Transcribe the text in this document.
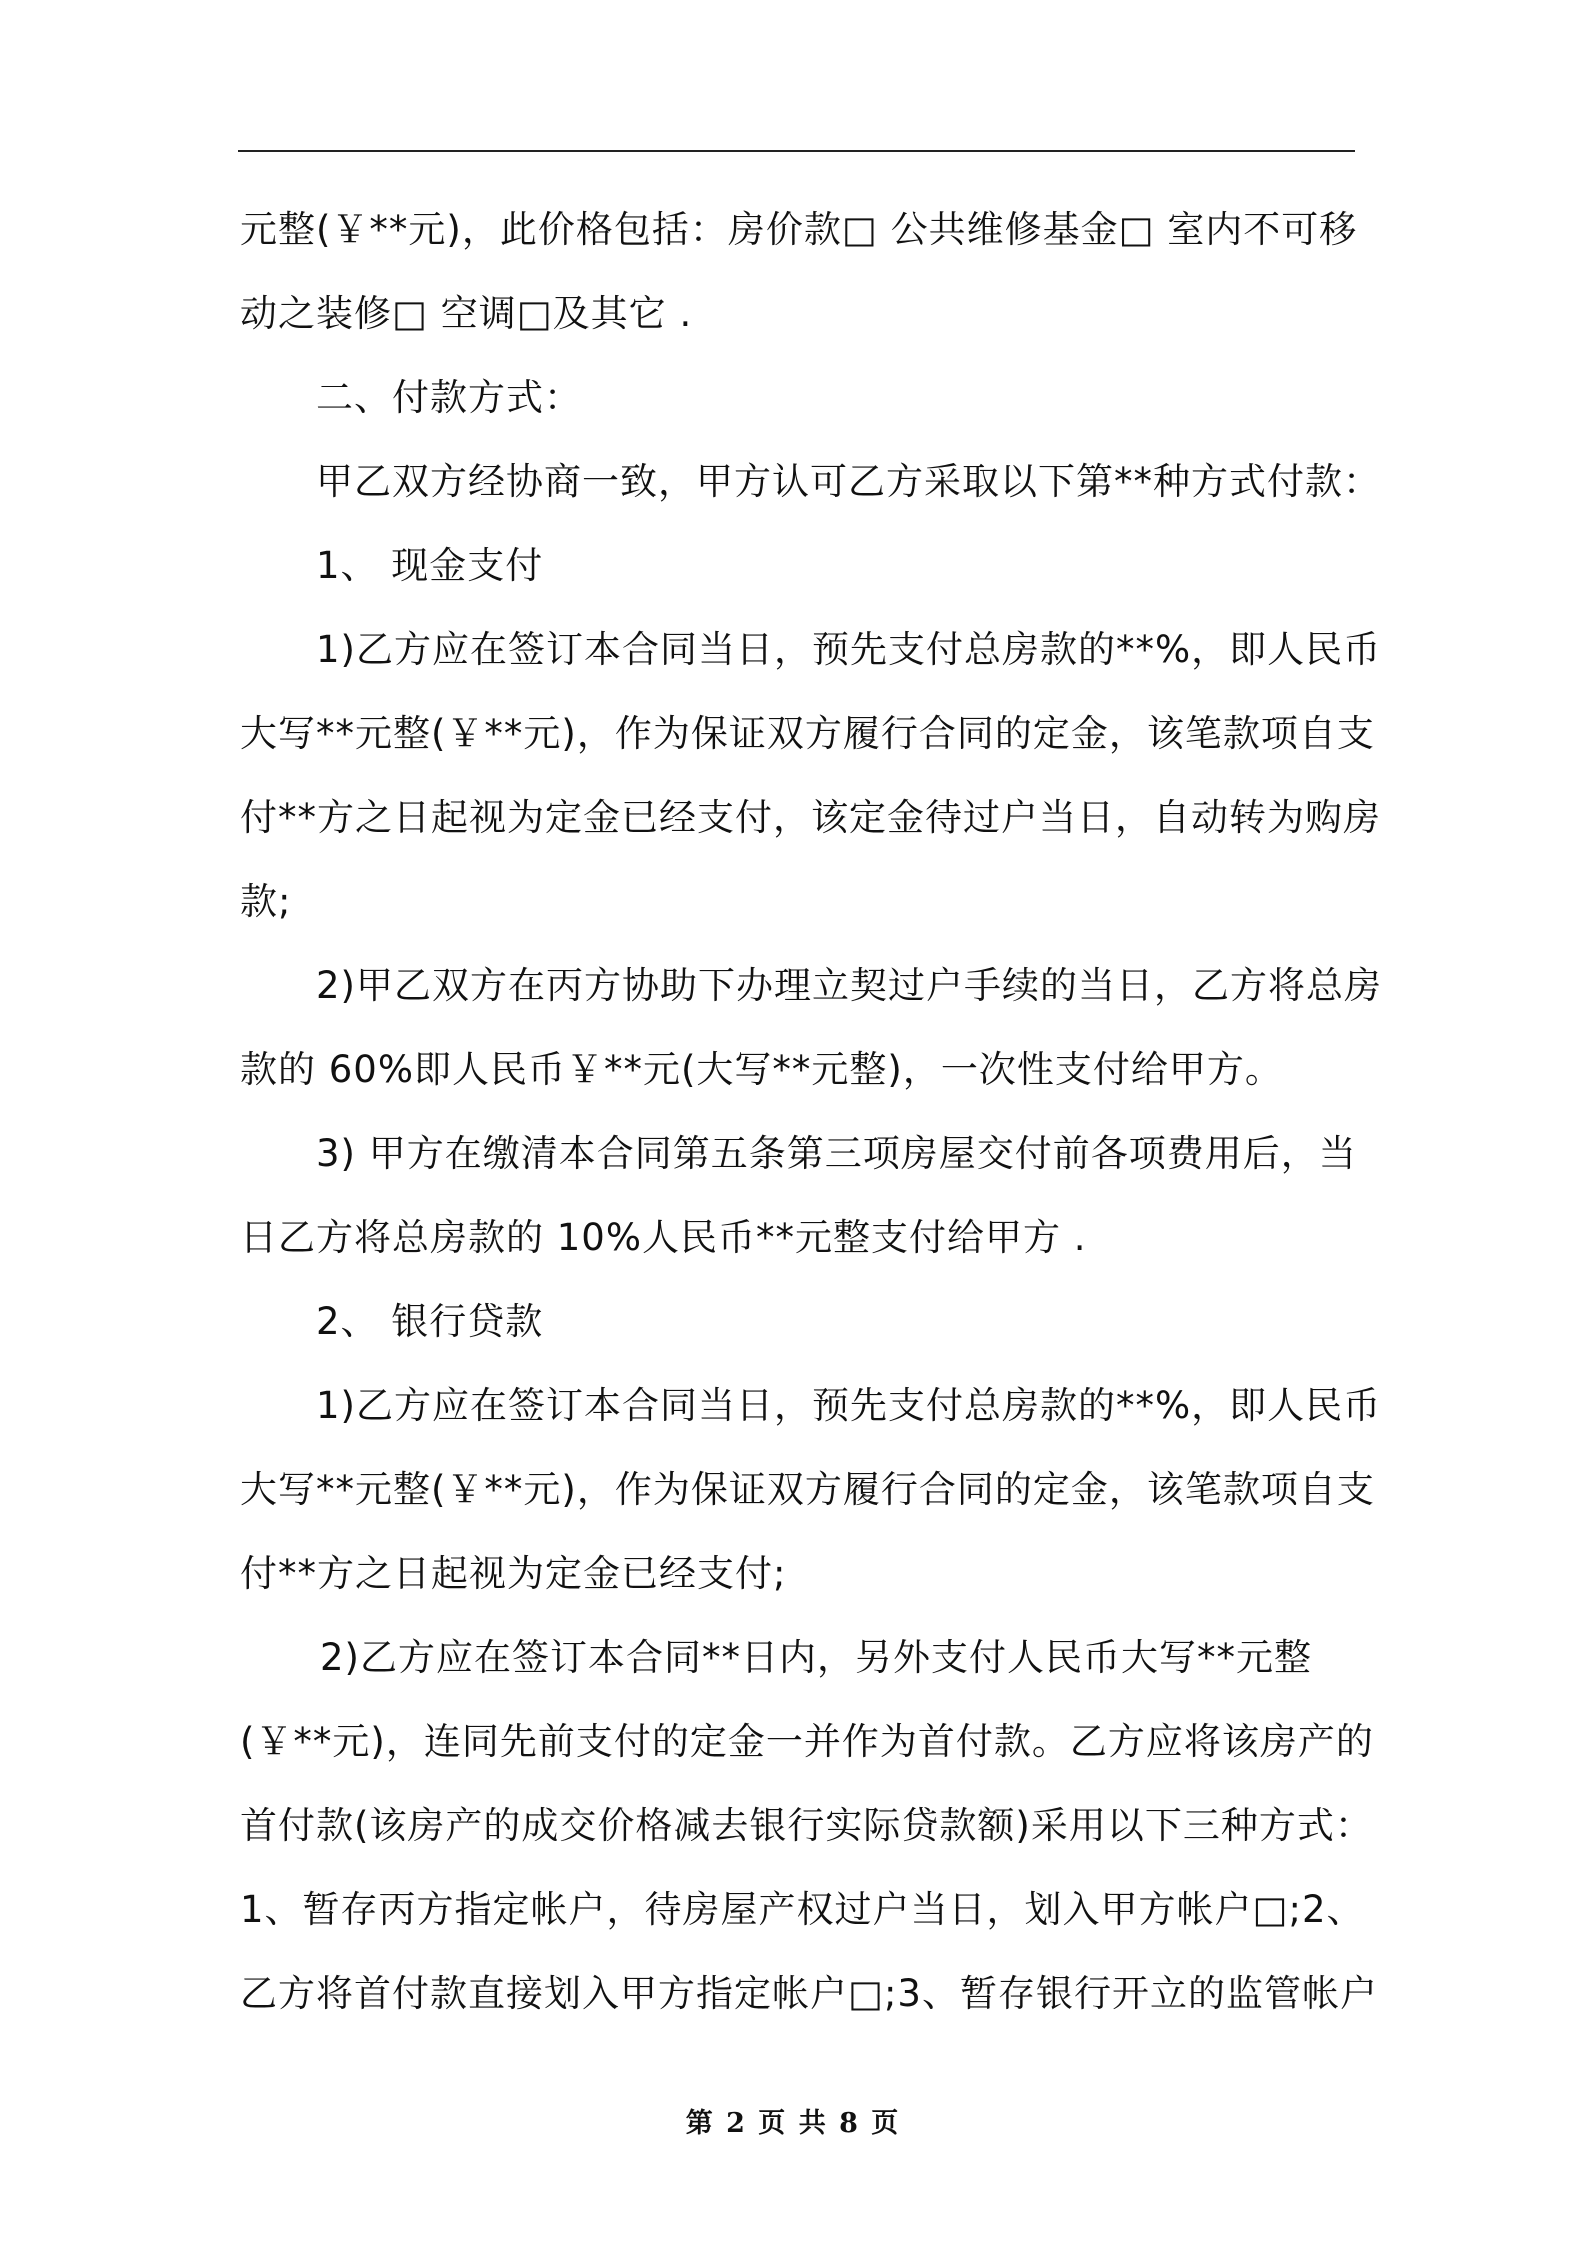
元整(￥**元)，此价格包括：房价款□ 公共维修基金□ 室内不可移
动之装修□ 空调□及其它 .
二、付款方式：
甲乙双方经协商一致，甲方认可乙方采取以下第**种方式付款：
1、 现金支付
1)乙方应在签订本合同当日，预先支付总房款的**%，即人民币
大写**元整(￥**元)，作为保证双方履行合同的定金，该笔款项自支
付**方之日起视为定金已经支付，该定金待过户当日，自动转为购房
款;
2)甲乙双方在丙方协助下办理立契过户手续的当日，乙方将总房
款的 60%即人民币￥**元(大写**元整)，一次性支付给甲方。
3) 甲方在缴清本合同第五条第三项房屋交付前各项费用后，当
日乙方将总房款的 10%人民币**元整支付给甲方 .
2、 银行贷款
1)乙方应在签订本合同当日，预先支付总房款的**%，即人民币
大写**元整(￥**元)，作为保证双方履行合同的定金，该笔款项自支
付**方之日起视为定金已经支付;
2)乙方应在签订本合同**日内，另外支付人民币大写**元整
(￥**元)，连同先前支付的定金一并作为首付款。乙方应将该房产的
首付款(该房产的成交价格减去银行实际贷款额)采用以下三种方式：
1、暂存丙方指定帐户，待房屋产权过户当日，划入甲方帐户□;2、
乙方将首付款直接划入甲方指定帐户□;3、暂存银行开立的监管帐户
第 2 页 共 8 页
